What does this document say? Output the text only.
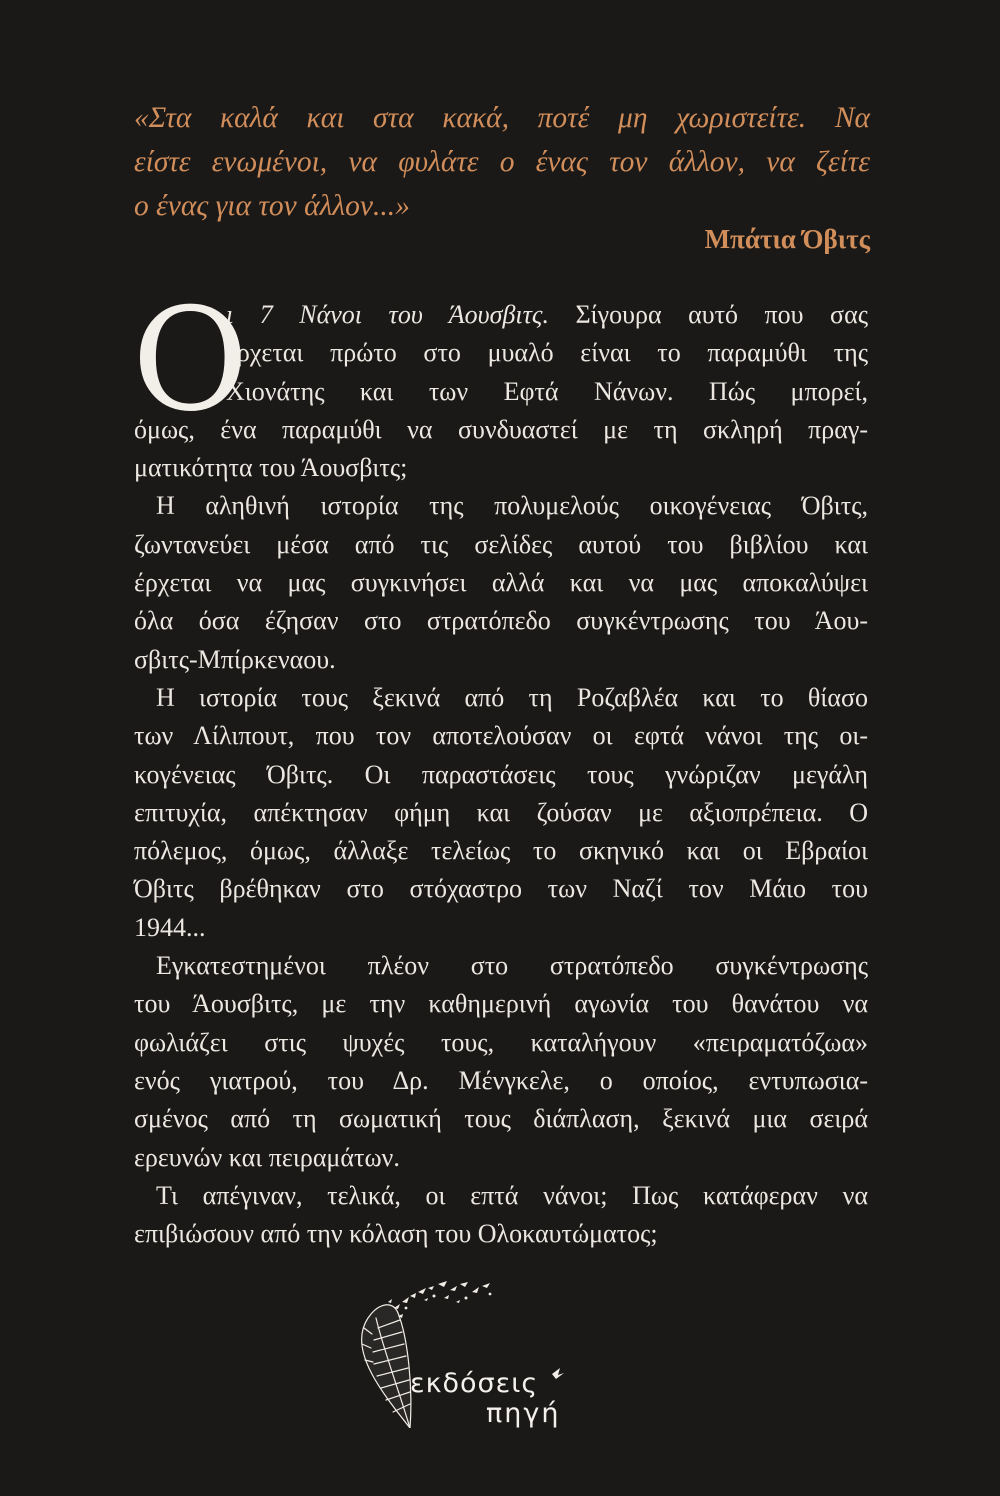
«Στα καλά και στα κακά, ποτέ μη χωριστείτε. Να
είστε ενωμένοι, να φυλάτε ο ένας τον άλλον, να ζείτε
ο ένας για τον άλλον...»

Μπάτια Όβιτς

Ο
ι 7 Νάνοι του Άουσβιτς. Σίγουρα αυτό που σας
έρχεται πρώτο στο μυαλό είναι το παραμύθι της
Χιονάτης και των Εφτά Νάνων. Πώς μπορεί,
όμως, ένα παραμύθι να συνδυαστεί με τη σκληρή πραγ-
ματικότητα του Άουσβιτς;
Η αληθινή ιστορία της πολυμελούς οικογένειας Όβιτς,
ζωντανεύει μέσα από τις σελίδες αυτού του βιβλίου και
έρχεται να μας συγκινήσει αλλά και να μας αποκαλύψει
όλα όσα έζησαν στο στρατόπεδο συγκέντρωσης του Άου-
σβιτς-Μπίρκεναου.
Η ιστορία τους ξεκινά από τη Ροζαβλέα και το θίασο
των Λίλιπουτ, που τον αποτελούσαν οι εφτά νάνοι της οι-
κογένειας Όβιτς. Οι παραστάσεις τους γνώριζαν μεγάλη
επιτυχία, απέκτησαν φήμη και ζούσαν με αξιοπρέπεια. Ο
πόλεμος, όμως, άλλαξε τελείως το σκηνικό και οι Εβραίοι
Όβιτς βρέθηκαν στο στόχαστρο των Ναζί τον Μάιο του
1944...
Εγκατεστημένοι πλέον στο στρατόπεδο συγκέντρωσης
του Άουσβιτς, με την καθημερινή αγωνία του θανάτου να
φωλιάζει στις ψυχές τους, καταλήγουν «πειραματόζωα»
ενός γιατρού, του Δρ. Μένγκελε, ο οποίος, εντυπωσια-
σμένος από τη σωματική τους διάπλαση, ξεκινά μια σειρά
ερευνών και πειραμάτων.
Τι απέγιναν, τελικά, οι επτά νάνοι; Πως κατάφεραν να
επιβιώσουν από την κόλαση του Ολοκαυτώματος;

εκδόσεις

πηγή
